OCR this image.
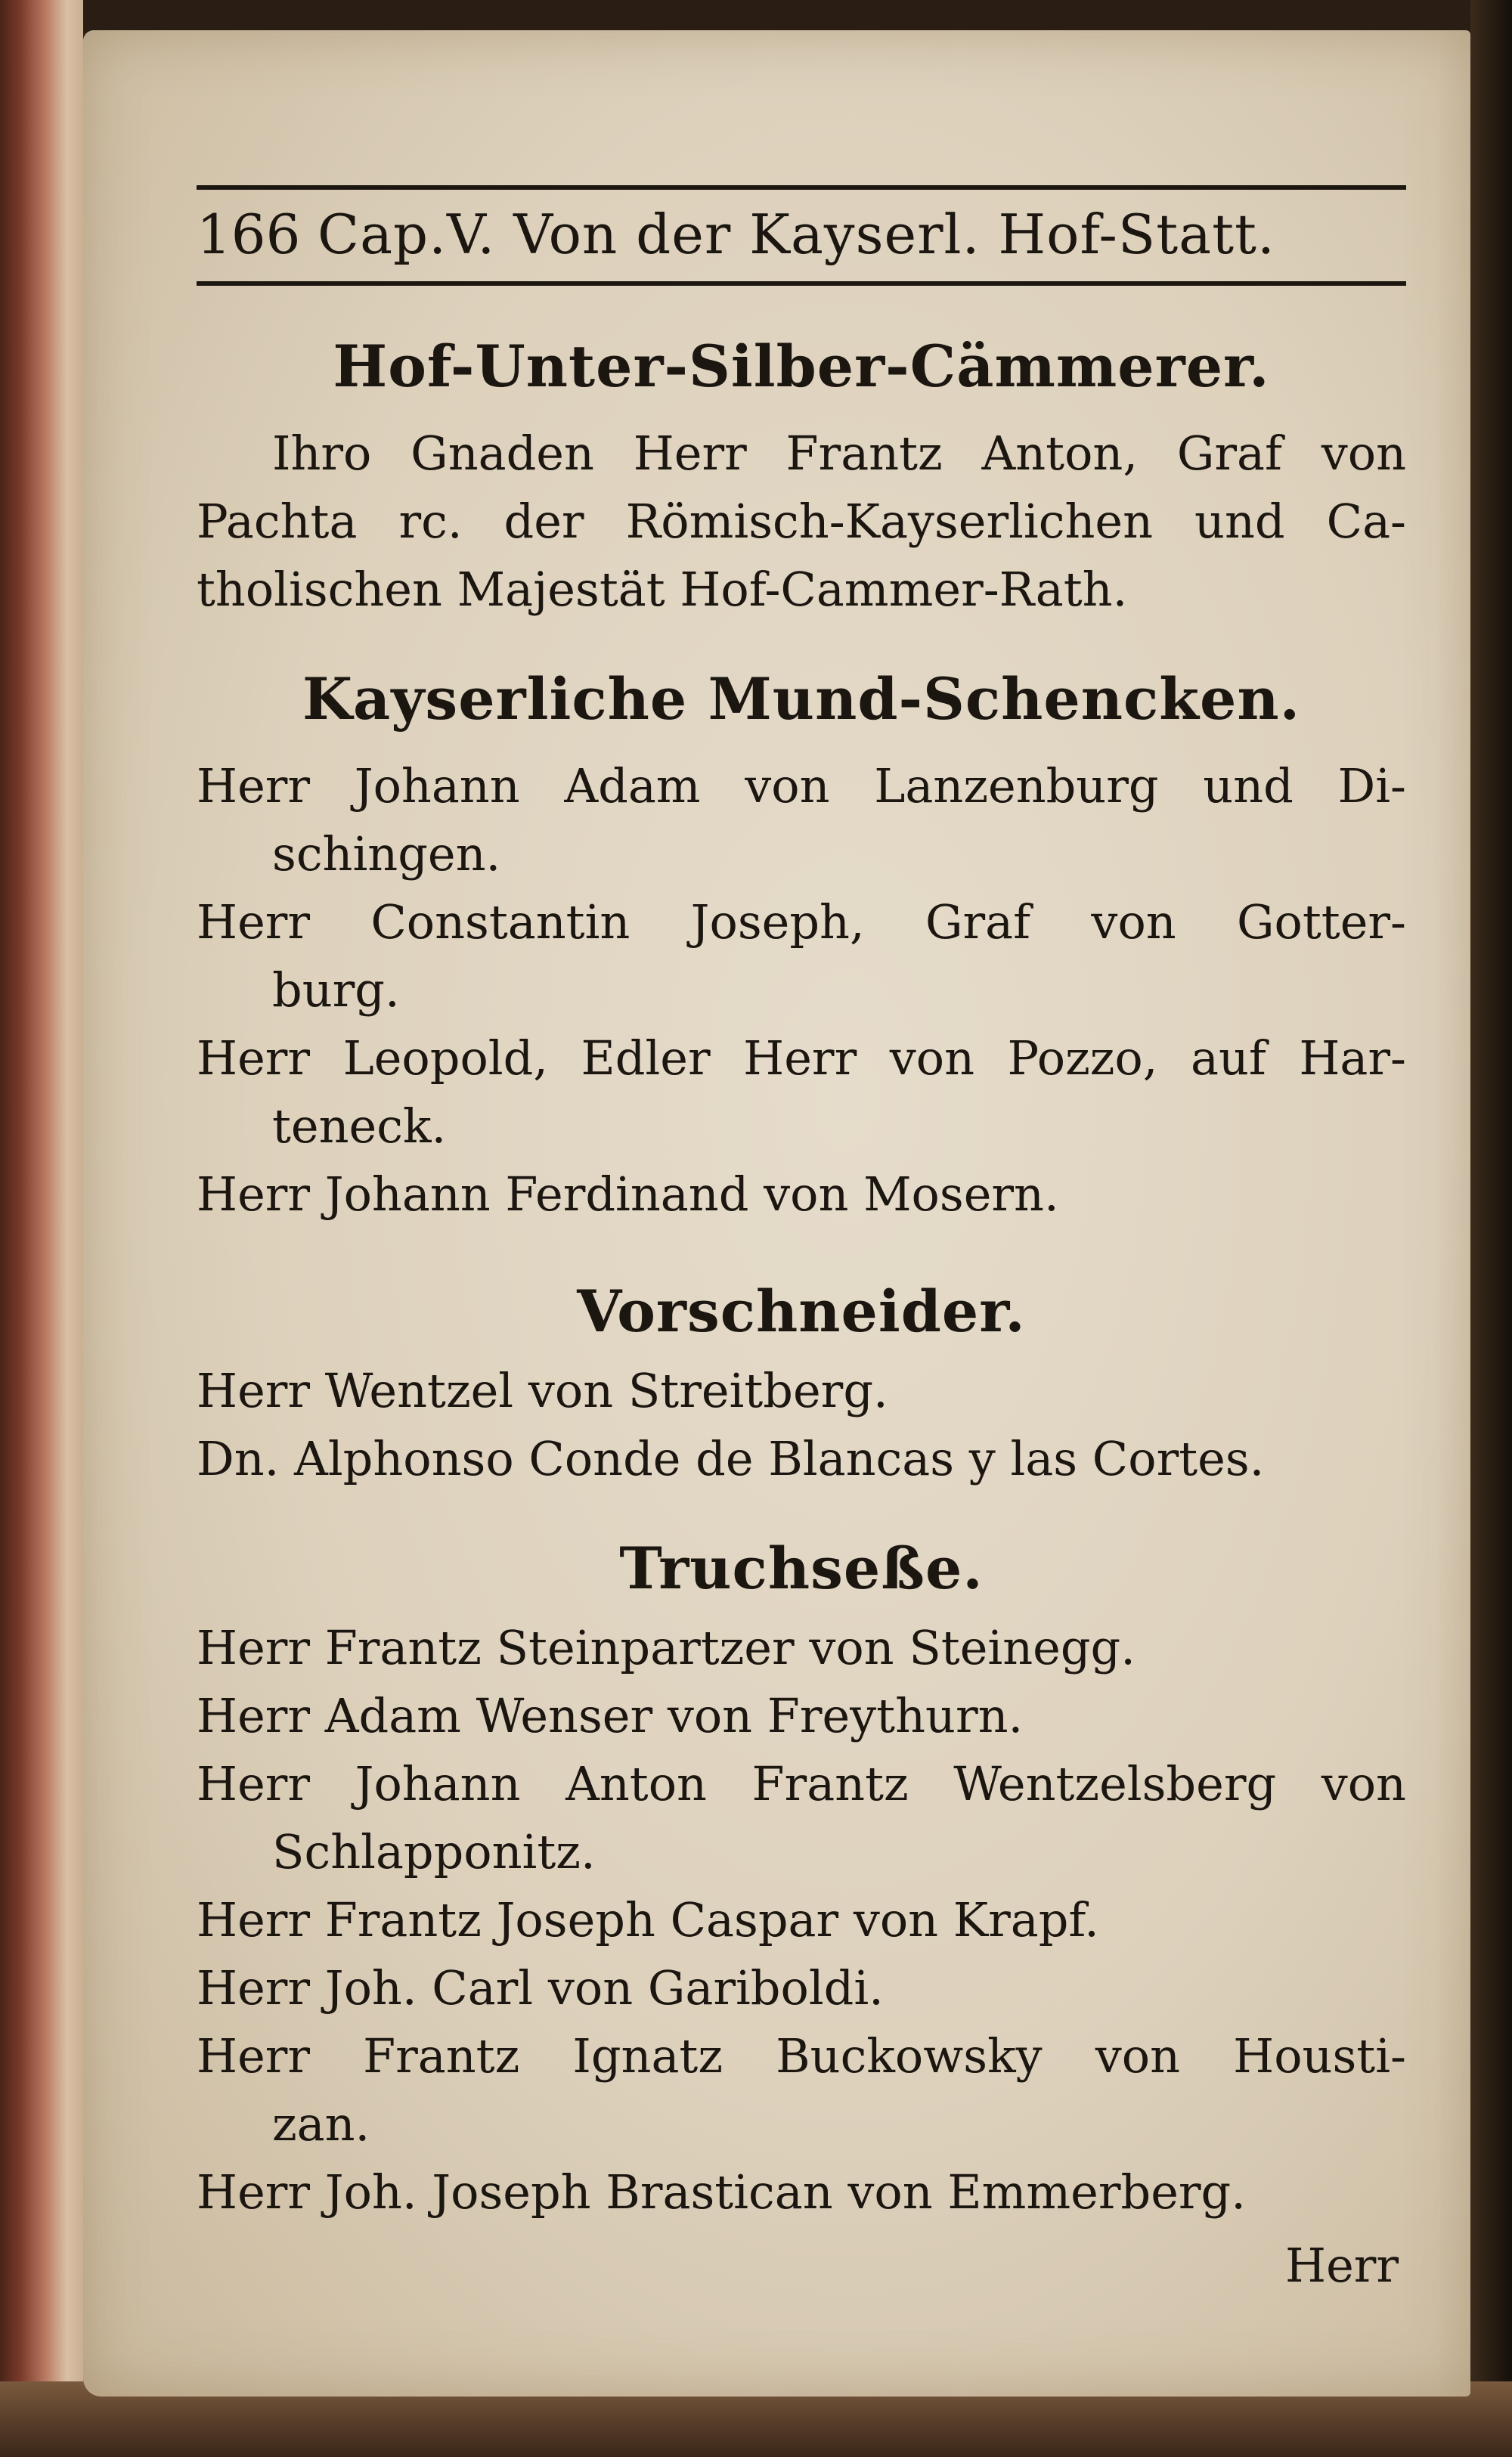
166 Cap.V. Von der Kayserl. Hof-Statt.
Hof-Unter-Silber-Cämmerer.
Ihro Gnaden Herr Frantz Anton, Graf von
Pachta rc. der Römisch-Kayserlichen und Ca-
tholischen Majestät Hof-Cammer-Rath.
Kayserliche Mund-Schencken.
Herr Johann Adam von Lanzenburg und Di-
schingen.
Herr Constantin Joseph, Graf von Gotter-
burg.
Herr Leopold, Edler Herr von Pozzo, auf Har-
teneck.
Herr Johann Ferdinand von Mosern.
Vorschneider.
Herr Wentzel von Streitberg.
Dn. Alphonso Conde de Blancas y las Cortes.
Truchseße.
Herr Frantz Steinpartzer von Steinegg.
Herr Adam Wenser von Freythurn.
Herr Johann Anton Frantz Wentzelsberg von
Schlapponitz.
Herr Frantz Joseph Caspar von Krapf.
Herr Joh. Carl von Gariboldi.
Herr Frantz Ignatz Buckowsky von Housti-
zan.
Herr Joh. Joseph Brastican von Emmerberg.
Herr
